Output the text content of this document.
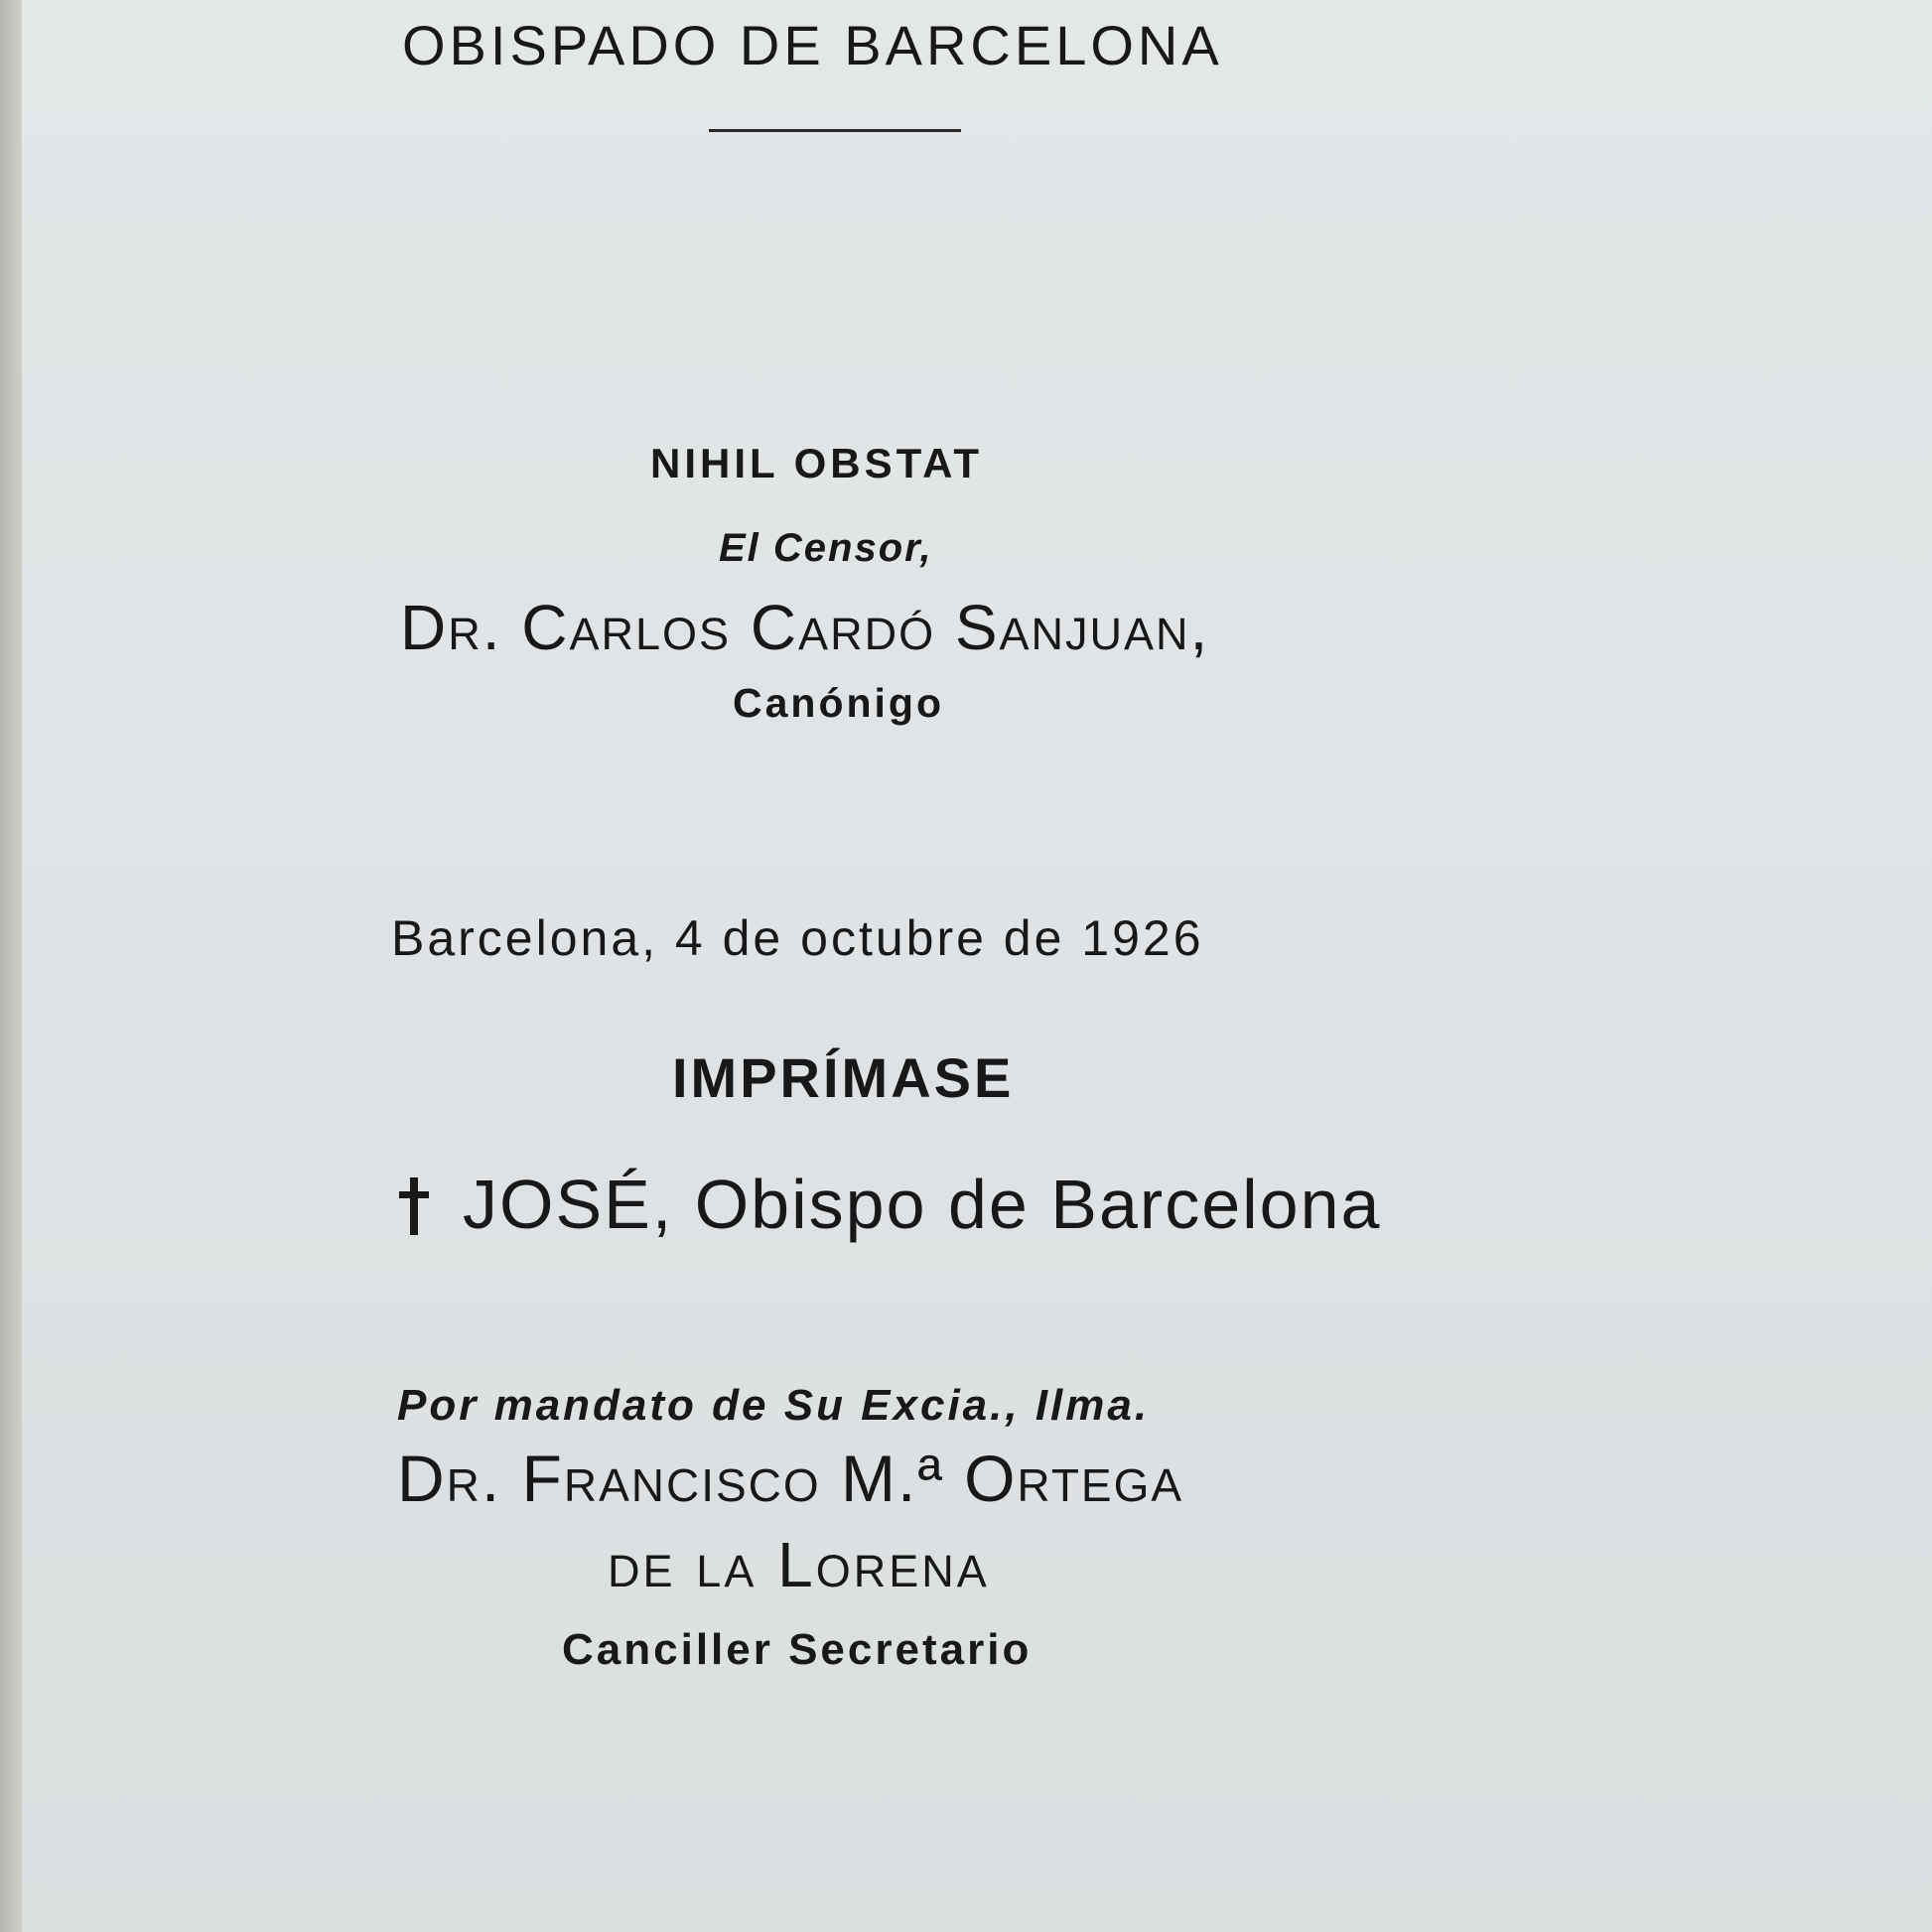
OBISPADO DE BARCELONA
NIHIL OBSTAT
El Censor,
Dr. Carlos Cardó Sanjuan,
Canónigo
Barcelona, 4 de octubre de 1926
IMPRÍMASE
JOSÉ, Obispo de Barcelona
Por mandato de Su Excia., Ilma.
Dr. Francisco M.ª Ortega
de la Lorena
Canciller Secretario
